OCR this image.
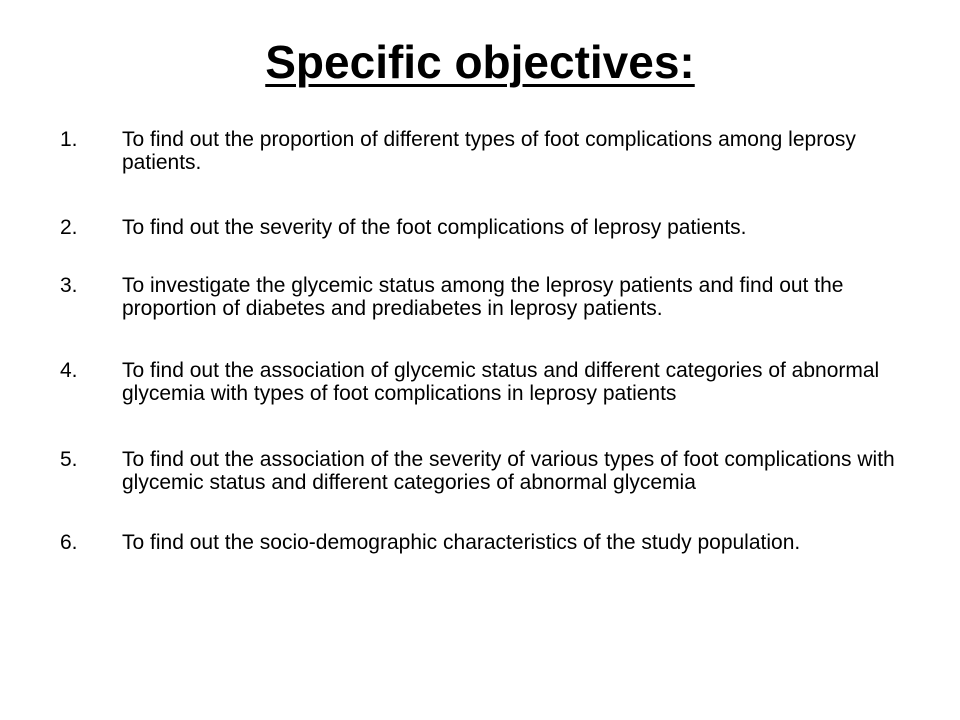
Specific objectives:
1.	To find out the proportion of different types of foot complications among leprosy patients.
2.	To find out the severity of the foot complications of leprosy patients.
3.	To investigate the glycemic status among the leprosy patients and find out the proportion of diabetes and prediabetes in leprosy patients.
4.	To find out the association of glycemic status and different categories of abnormal glycemia with types of foot complications in leprosy patients
5.	To find out the association of the severity of various types of foot complications with glycemic status and different categories of abnormal glycemia
6.	To find out the socio-demographic characteristics of the study population.
